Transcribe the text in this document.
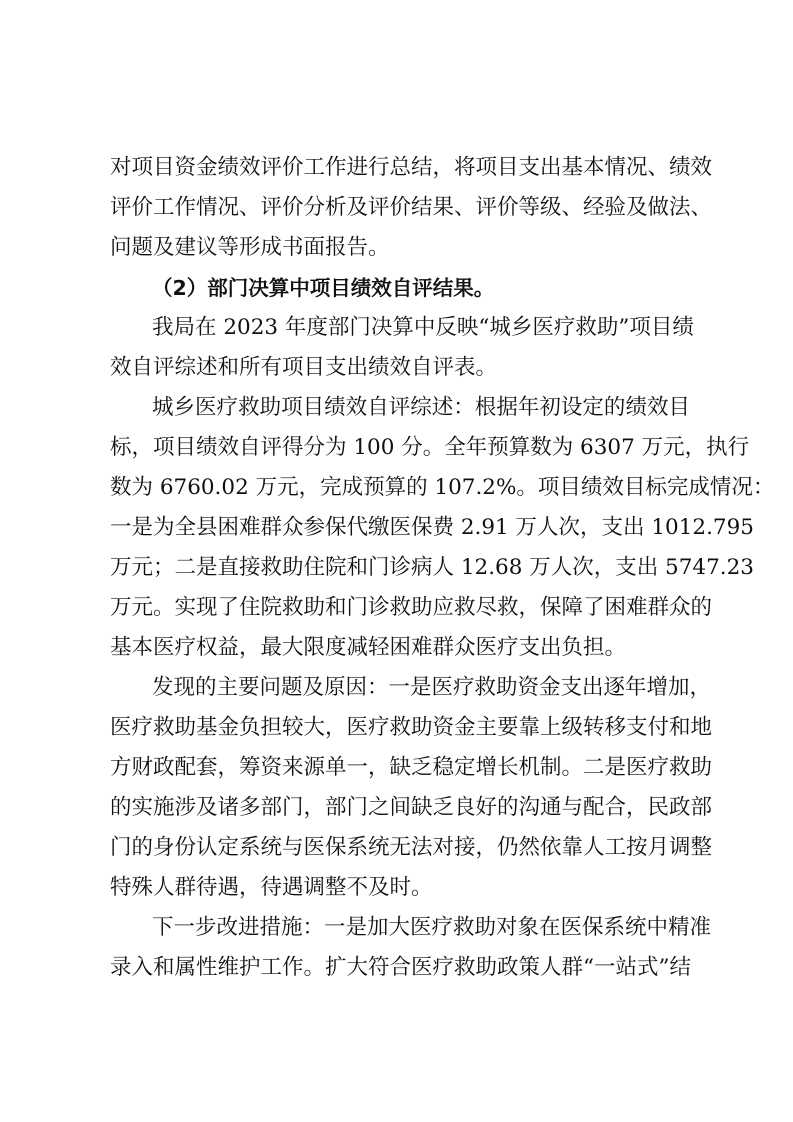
对项目资金绩效评价工作进行总结，将项目支出基本情况、绩效
评价工作情况、评价分析及评价结果、评价等级、经验及做法、
问题及建议等形成书面报告。
（2）部门决算中项目绩效自评结果。
我局在 2023 年度部门决算中反映“城乡医疗救助”项目绩
效自评综述和所有项目支出绩效自评表。
城乡医疗救助项目绩效自评综述：根据年初设定的绩效目
标，项目绩效自评得分为 100 分。全年预算数为 6307 万元，执行
数为 6760.02 万元，完成预算的 107.2%。项目绩效目标完成情况：
一是为全县困难群众参保代缴医保费 2.91 万人次，支出 1012.795
万元；二是直接救助住院和门诊病人 12.68 万人次，支出 5747.23
万元。实现了住院救助和门诊救助应救尽救，保障了困难群众的
基本医疗权益，最大限度减轻困难群众医疗支出负担。
发现的主要问题及原因：一是医疗救助资金支出逐年增加，
医疗救助基金负担较大，医疗救助资金主要靠上级转移支付和地
方财政配套，筹资来源单一，缺乏稳定增长机制。二是医疗救助
的实施涉及诸多部门，部门之间缺乏良好的沟通与配合，民政部
门的身份认定系统与医保系统无法对接，仍然依靠人工按月调整
特殊人群待遇，待遇调整不及时。
下一步改进措施：一是加大医疗救助对象在医保系统中精准
录入和属性维护工作。扩大符合医疗救助政策人群“一站式”结
